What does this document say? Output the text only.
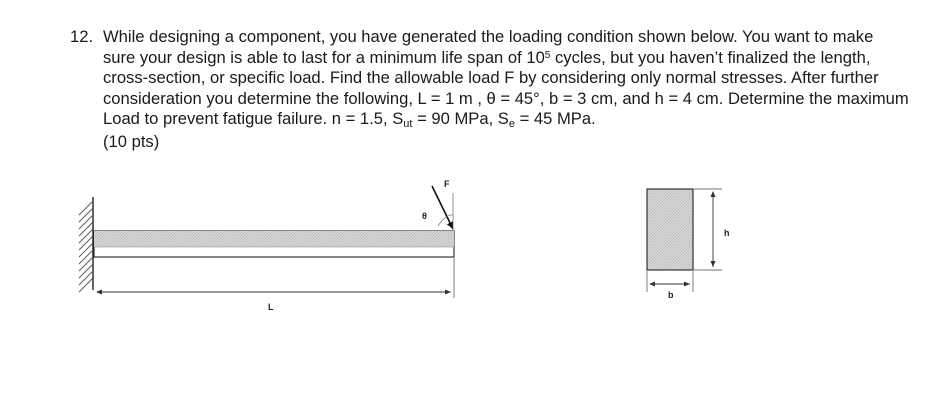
12. While designing a component, you have generated the loading condition shown below. You want to make sure your design is able to last for a minimum life span of $10^5$ cycles, but you haven’t finalized the length, cross-section, or specific load. Find the allowable load F by considering only normal stresses. After further consideration you determine the following, L = 1 m , θ = 45°, b = 3 cm, and h = 4 cm. Determine the maximum Load to prevent fatigue failure. n = 1.5, $S_{ut} = 90$ MPa, $S_e = 45$ MPa.
(10 pts)
F
θ
L
h
b
